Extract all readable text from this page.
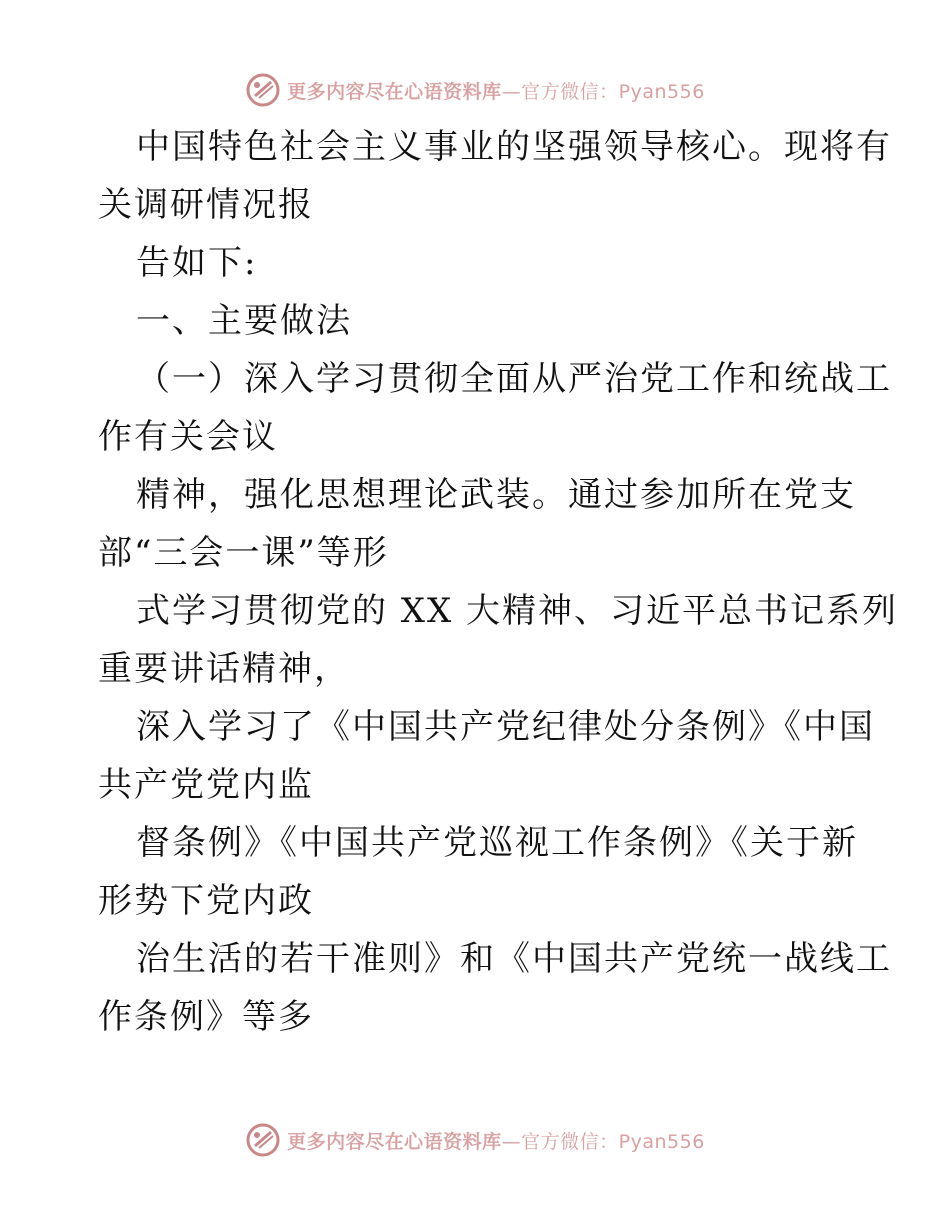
更多内容尽在心语资料库—官方微信：Pyan556
中国特色社会主义事业的坚强领导核心。现将有
关调研情况报
告如下:
一、主要做法
（一）深入学习贯彻全面从严治党工作和统战工
作有关会议
精神，强化思想理论武装。通过参加所在党支
部“三会一课”等形
式学习贯彻党的 XX 大精神、习近平总书记系列
重要讲话精神，
深入学习了《中国共产党纪律处分条例》《中国
共产党党内监
督条例》《中国共产党巡视工作条例》《关于新
形势下党内政
治生活的若干准则》和《中国共产党统一战线工
作条例》等多
更多内容尽在心语资料库—官方微信：Pyan556
